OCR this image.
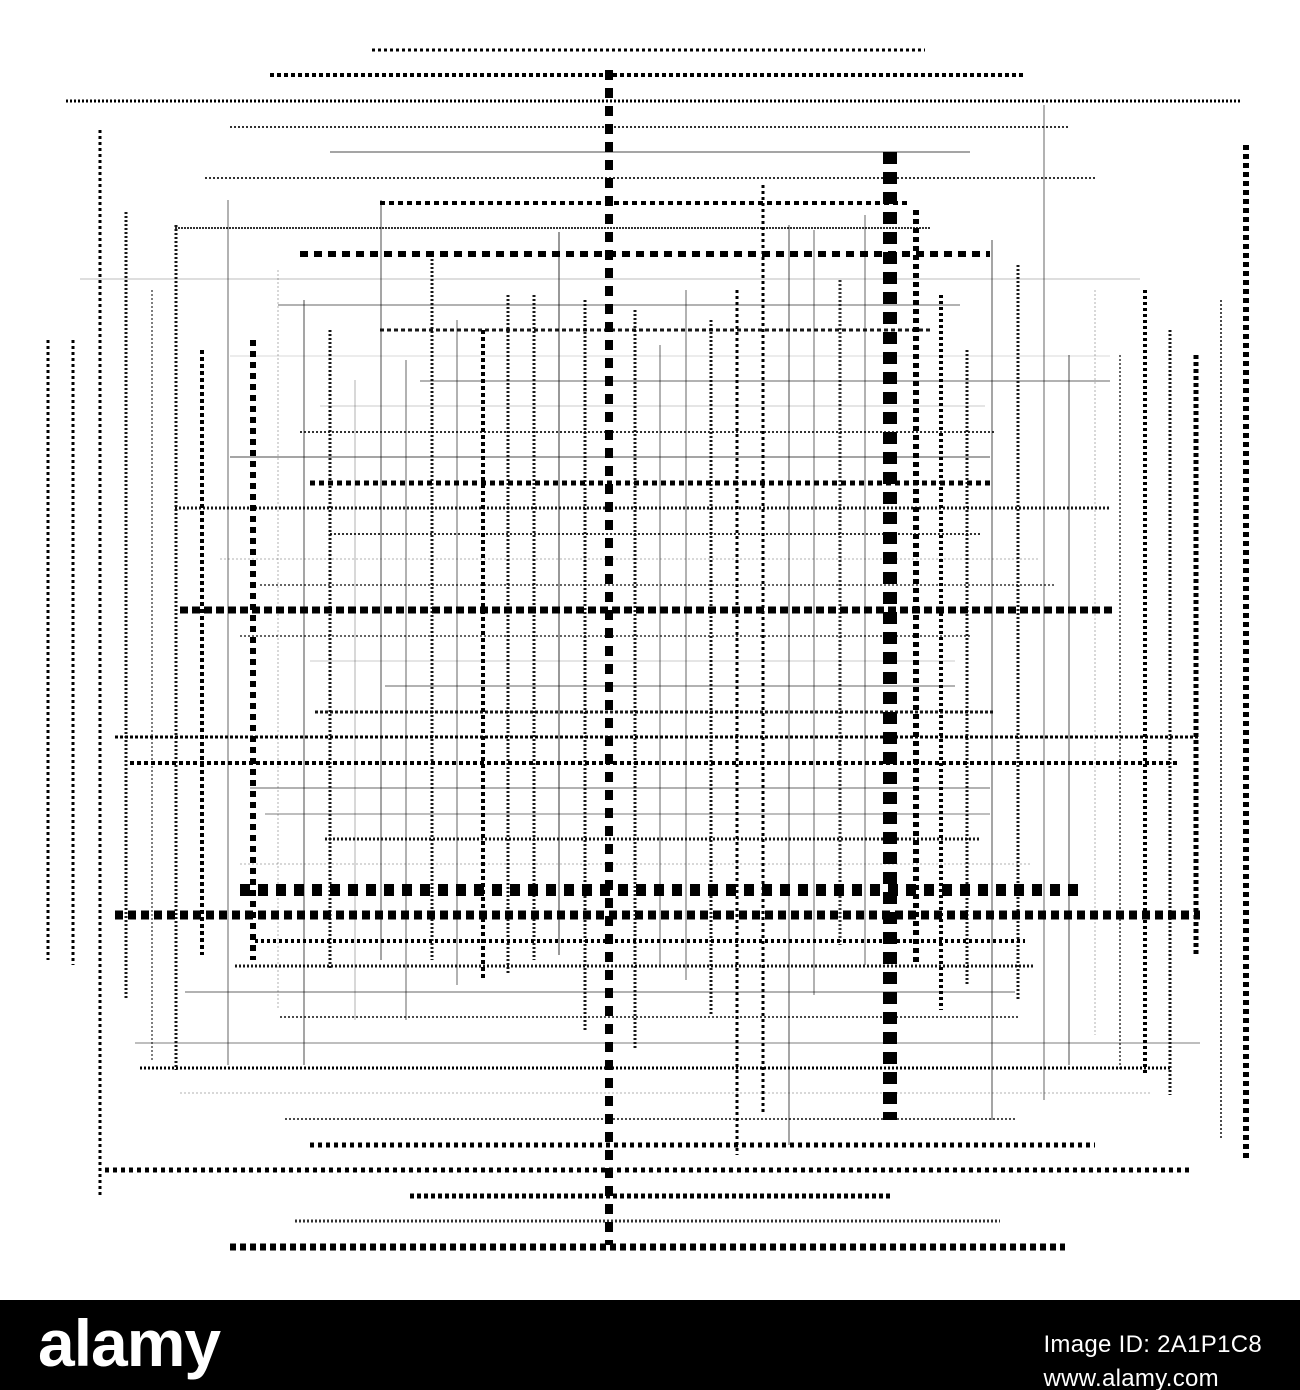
alamy	Image ID: 2A1P1C8
www.alamy.com
